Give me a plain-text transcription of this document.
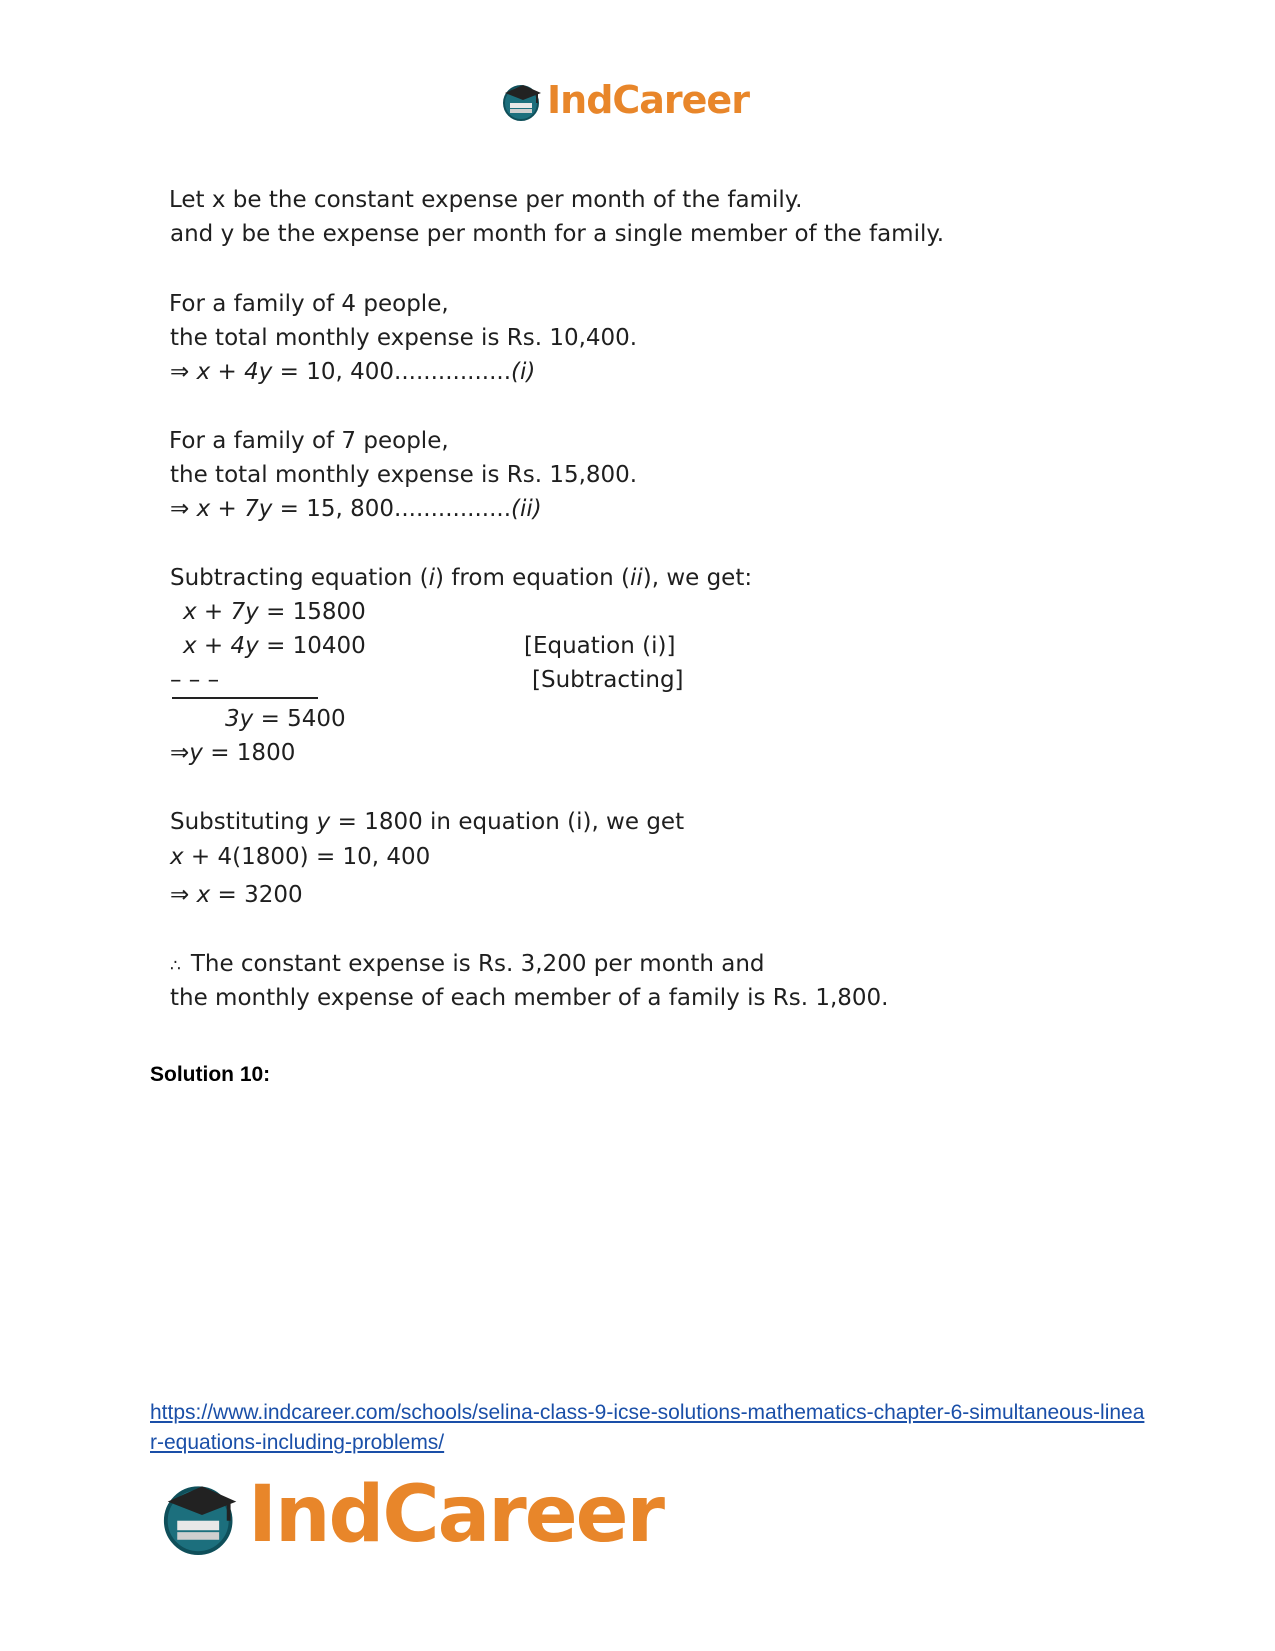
IndCareer
Let x be the constant expense per month of the family.
and y be the expense per month for a single member of the family.
For a family of 4 people,
the total monthly expense is Rs. 10,400.
⇒ x + 4y = 10, 400................(i)
For a family of 7 people,
the total monthly expense is Rs. 15,800.
⇒ x + 7y = 15, 800................(ii)
Subtracting equation (i) from equation (ii), we get:
x + 7y = 15800
x + 4y = 10400	[Equation (i)]
– – –	[Subtracting]
3y = 5400
⇒y = 1800
Substituting y = 1800 in equation (i), we get
x + 4(1800) = 10, 400
⇒ x = 3200
∴ The constant expense is Rs. 3,200 per month and
the monthly expense of each member of a family is Rs. 1,800.
Solution 10:
https://www.indcareer.com/schools/selina-class-9-icse-solutions-mathematics-chapter-6-simultaneous-linear-equations-including-problems/
IndCareer
